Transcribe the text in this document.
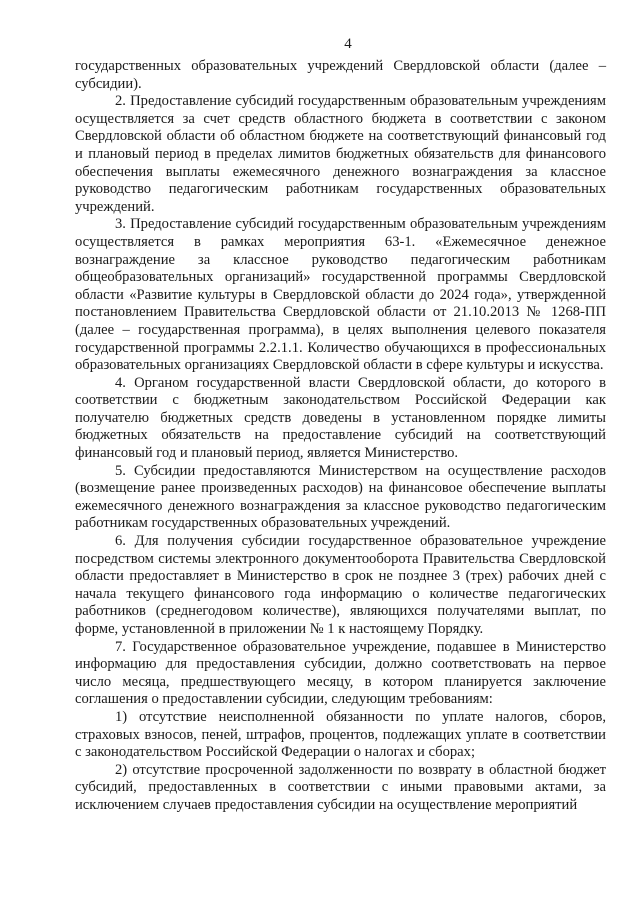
4

государственных образовательных учреждений Свердловской области (далее – субсидии).

2. Предоставление субсидий государственным образовательным учреждениям осуществляется за счет средств областного бюджета в соответствии с законом Свердловской области об областном бюджете на соответствующий финансовый год и плановый период в пределах лимитов бюджетных обязательств для финансового обеспечения выплаты ежемесячного денежного вознаграждения за классное руководство педагогическим работникам государственных образовательных учреждений.

3. Предоставление субсидий государственным образовательным учреждениям осуществляется в рамках мероприятия 63-1. «Ежемесячное денежное вознаграждение за классное руководство педагогическим работникам общеобразовательных организаций» государственной программы Свердловской области «Развитие культуры в Свердловской области до 2024 года», утвержденной постановлением Правительства Свердловской области от 21.10.2013 № 1268-ПП (далее – государственная программа), в целях выполнения целевого показателя государственной программы 2.2.1.1. Количество обучающихся в профессиональных образовательных организациях Свердловской области в сфере культуры и искусства.

4. Органом государственной власти Свердловской области, до которого в соответствии с бюджетным законодательством Российской Федерации как получателю бюджетных средств доведены в установленном порядке лимиты бюджетных обязательств на предоставление субсидий на соответствующий финансовый год и плановый период, является Министерство.

5. Субсидии предоставляются Министерством на осуществление расходов (возмещение ранее произведенных расходов) на финансовое обеспечение выплаты ежемесячного денежного вознаграждения за классное руководство педагогическим работникам государственных образовательных учреждений.

6. Для получения субсидии государственное образовательное учреждение посредством системы электронного документооборота Правительства Свердловской области предоставляет в Министерство в срок не позднее 3 (трех) рабочих дней с начала текущего финансового года информацию о количестве педагогических работников (среднегодовом количестве), являющихся получателями выплат, по форме, установленной в приложении № 1 к настоящему Порядку.

7. Государственное образовательное учреждение, подавшее в Министерство информацию для предоставления субсидии, должно соответствовать на первое число месяца, предшествующего месяцу, в котором планируется заключение соглашения о предоставлении субсидии, следующим требованиям:

1) отсутствие неисполненной обязанности по уплате налогов, сборов, страховых взносов, пеней, штрафов, процентов, подлежащих уплате в соответствии с законодательством Российской Федерации о налогах и сборах;

2) отсутствие просроченной задолженности по возврату в областной бюджет субсидий, предоставленных в соответствии с иными правовыми актами, за исключением случаев предоставления субсидии на осуществление мероприятий
